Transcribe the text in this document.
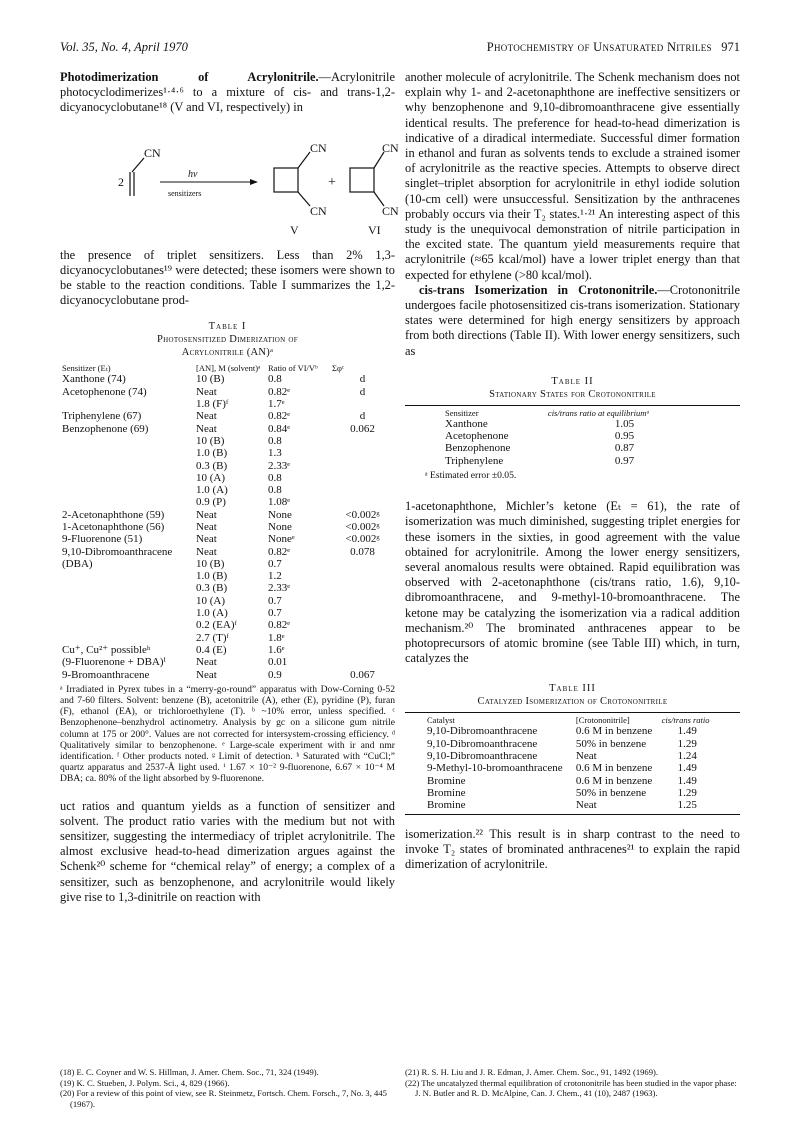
Vol. 35, No. 4, April 1970	Photochemistry of Unsaturated Nitriles 971

Photodimerization of Acrylonitrile.—Acrylonitrile photocyclodimerizes¹·⁴·⁶ to a mixture of cis- and trans-1,2-dicyanocyclobutane¹⁸ (V and VI, respectively) in

2
CN
hν
sensitizers
CN
CN
V
+
CN
CN
VI

the presence of triplet sensitizers. Less than 2% 1,3-dicyanocyclobutanes¹⁹ were detected; these isomers were shown to be stable to the reaction conditions. Table I summarizes the 1,2-dicyanocyclobutane prod-

Table I
Photosensitized Dimerization of
Acrylonitrile (AN)ᵃ
Sensitizer (Eₜ)	[AN], M (solvent)ᵃ	Ratio of VI/Vᵇ	Σφᶜ
Xanthone (74)	10 (B)	0.8	d
Acetophenone (74)	Neat	0.82ᵉ	d
	1.8 (F)ᶠ	1.7ᵉ	
Triphenylene (67)	Neat	0.82ᵉ	d
Benzophenone (69)	Neat	0.84ᵉ	0.062
	10 (B)	0.8	
	1.0 (B)	1.3	
	0.3 (B)	2.33ᵉ	
	10 (A)	0.8	
	1.0 (A)	0.8	
	0.9 (P)	1.08ᵉ	
2-Acetonaphthone (59)	Neat	None	<0.002ᵍ
1-Acetonaphthone (56)	Neat	None	<0.002ᵍ
9-Fluorenone (51)	Neat	Noneᵉ	<0.002ᵍ
9,10-Dibromoanthracene	Neat	0.82ᵉ	0.078
(DBA)	10 (B)	0.7	
	1.0 (B)	1.2	
	0.3 (B)	2.33ᵉ	
	10 (A)	0.7	
	1.0 (A)	0.7	
	0.2 (EA)ᶠ	0.82ᵉ	
	2.7 (T)ᶠ	1.8ᵉ	
Cu⁺, Cu²⁺ possibleʰ	0.4 (E)	1.6ᵉ	
(9-Fluorenone + DBA)ⁱ	Neat	0.01	
9-Bromoanthracene	Neat	0.9	0.067
ᵃ Irradiated in Pyrex tubes in a “merry-go-round” apparatus with Dow-Corning 0-52 and 7-60 filters. Solvent: benzene (B), acetonitrile (A), ether (E), pyridine (P), furan (F), ethanol (EA), or trichloroethylene (T). ᵇ ~10% error, unless specified. ᶜ Benzophenone–benzhydrol actinometry. Analysis by gc on a silicone gum nitrile column at 175 or 200°. Values are not corrected for intersystem-crossing efficiency. ᵈ Qualitatively similar to benzophenone. ᵉ Large-scale experiment with ir and nmr identification. ᶠ Other products noted. ᵍ Limit of detection. ʰ Saturated with “CuCl;” quartz apparatus and 2537-Å light used. ⁱ 1.67 × 10⁻² 9-fluorenone, 6.67 × 10⁻⁴ M DBA; ca. 80% of the light absorbed by 9-fluorenone.

uct ratios and quantum yields as a function of sensitizer and solvent. The product ratio varies with the medium but not with sensitizer, suggesting the intermediacy of triplet acrylonitrile. The almost exclusive head-to-head dimerization argues against the Schenk²⁰ scheme for “chemical relay” of energy; a complex of a sensitizer, such as benzophenone, and acrylonitrile would likely give rise to 1,3-dinitrile on reaction with

another molecule of acrylonitrile. The Schenk mechanism does not explain why 1- and 2-acetonaphthone are ineffective sensitizers or why benzophenone and 9,10-dibromoanthracene give essentially identical results. The preference for head-to-head dimerization is indicative of a diradical intermediate. Successful dimer formation in ethanol and furan as solvents tends to exclude a strained isomer of acrylonitrile as the reactive species. Attempts to observe direct singlet–triplet absorption for acrylonitrile in ethyl iodide solution (10-cm cell) were unsuccessful. Sensitization by the anthracenes probably occurs via their T₂ states.¹·²¹ An interesting aspect of this study is the unequivocal demonstration of nitrile participation in the excited state. The quantum yield measurements require that acrylonitrile (≈65 kcal/mol) have a lower triplet energy than that expected for ethylene (>80 kcal/mol).

cis-trans Isomerization in Crotononitrile.—Crotononitrile undergoes facile photosensitized cis-trans isomerization. Stationary states were determined for high energy sensitizers by approach from both directions (Table II). With lower energy sensitizers, such as

Table II
Stationary States for Crotononitrile
Sensitizer	cis/trans ratio at equilibriumᵃ
Xanthone	1.05
Acetophenone	0.95
Benzophenone	0.87
Triphenylene	0.97
ᵃ Estimated error ±0.05.

1-acetonaphthone, Michler’s ketone (Eₜ = 61), the rate of isomerization was much diminished, suggesting triplet energies for these isomers in the sixties, in good agreement with the value obtained for acrylonitrile. Among the lower energy sensitizers, several anomalous results were obtained. Rapid equilibration was observed with 2-acetonaphthone (cis/trans ratio, 1.6), 9,10-dibromoanthracene, and 9-methyl-10-bromoanthracene. The ketone may be catalyzing the isomerization via a radical addition mechanism.²⁰ The brominated anthracenes appear to be photoprecursors of atomic bromine (see Table III) which, in turn, catalyzes the

Table III
Catalyzed Isomerization of Crotononitrile
Catalyst	[Crotononitrile]	cis/trans ratio
9,10-Dibromoanthracene	0.6 M in benzene	1.49
9,10-Dibromoanthracene	50% in benzene	1.29
9,10-Dibromoanthracene	Neat	1.24
9-Methyl-10-bromoanthracene	0.6 M in benzene	1.49
Bromine	0.6 M in benzene	1.49
Bromine	50% in benzene	1.29
Bromine	Neat	1.25

isomerization.²² This result is in sharp contrast to the need to invoke T₂ states of brominated anthracenes²¹ to explain the rapid dimerization of acrylonitrile.

(18) E. C. Coyner and W. S. Hillman, J. Amer. Chem. Soc., 71, 324 (1949).
(19) K. C. Stueben, J. Polym. Sci., 4, 829 (1966).
(20) For a review of this point of view, see R. Steinmetz, Fortsch. Chem. Forsch., 7, No. 3, 445 (1967).
(21) R. S. H. Liu and J. R. Edman, J. Amer. Chem. Soc., 91, 1492 (1969).
(22) The uncatalyzed thermal equilibration of crotononitrile has been studied in the vapor phase: J. N. Butler and R. D. McAlpine, Can. J. Chem., 41 (10), 2487 (1963).
